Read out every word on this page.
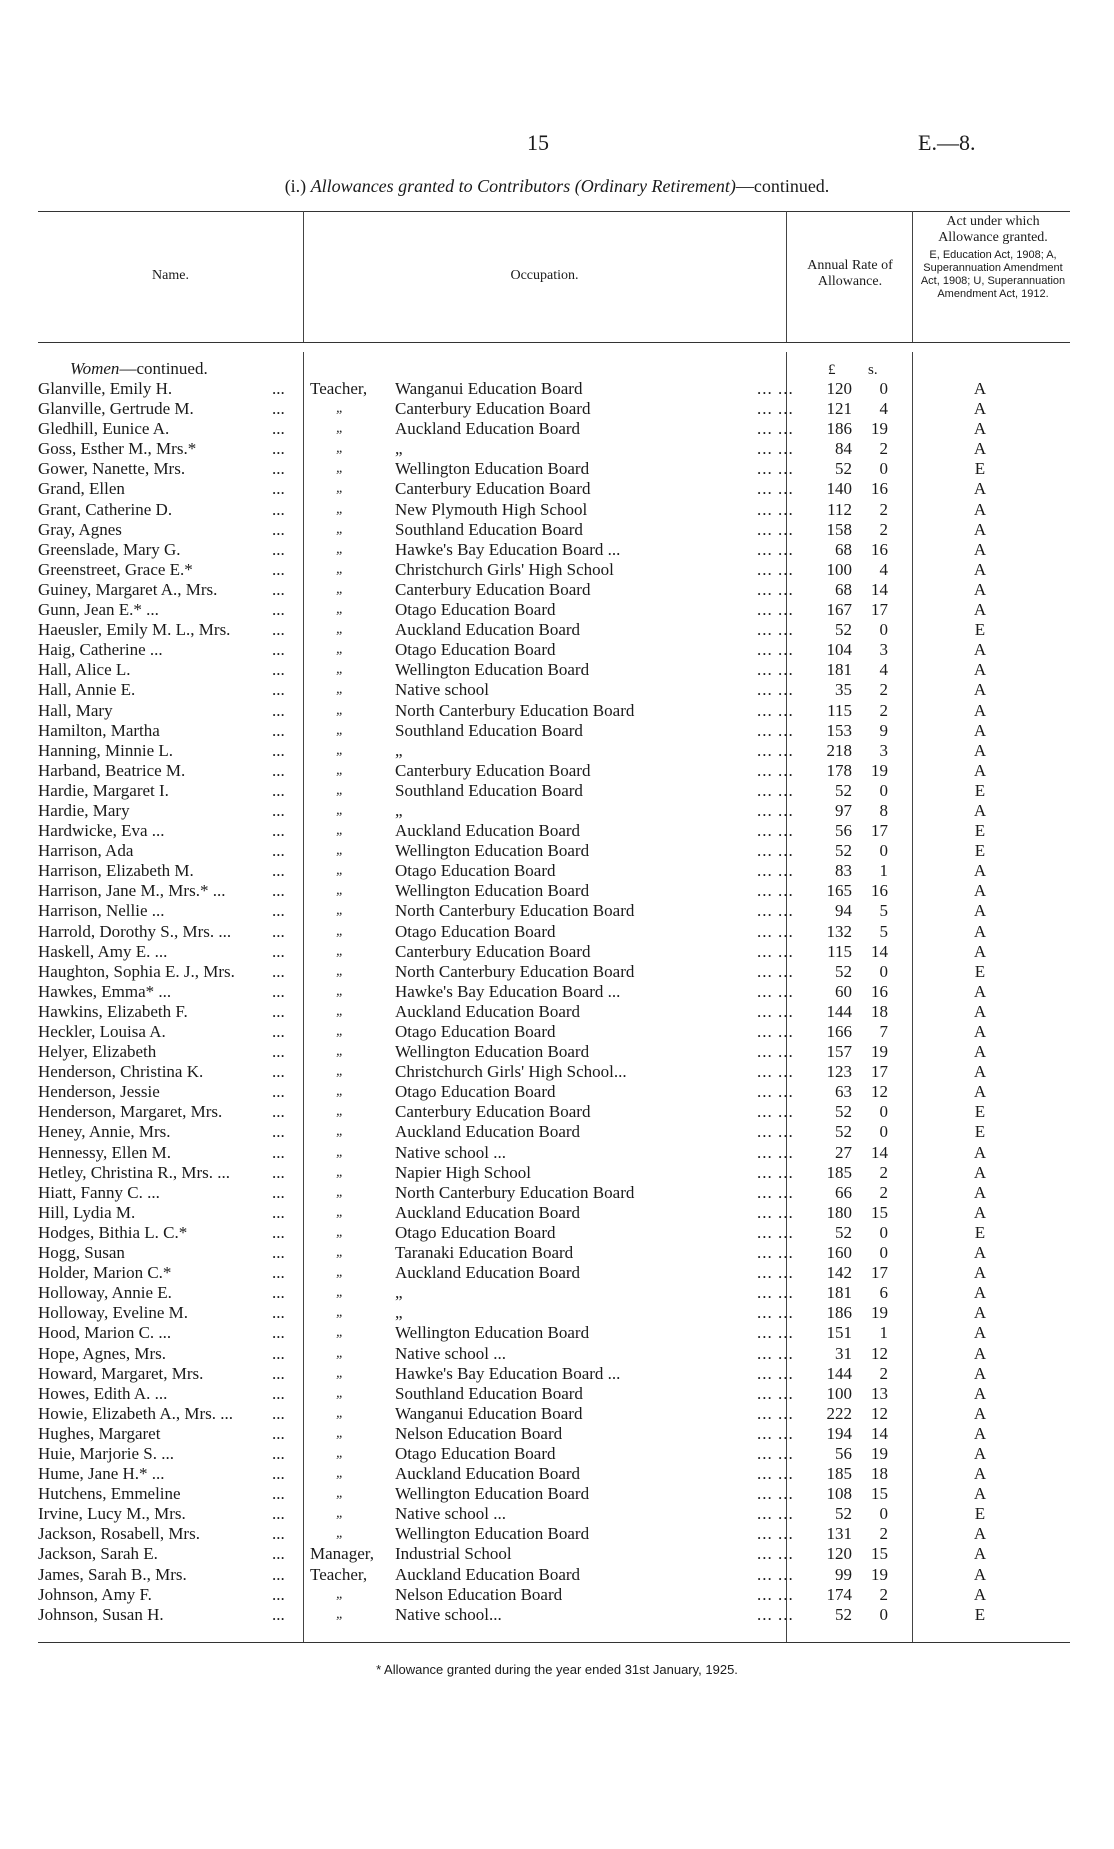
15	E.—8.
(i.) Allowances granted to Contributors (Ordinary Retirement)—continued.
Name.	Occupation.
Annual Rate of Allowance.
Act under which Allowance granted.
E, Education Act, 1908; A, Superannuation Amendment Act, 1908; U, Superannuation Amendment Act, 1912.
Women—continued.	£ s.
Glanville, Emily H.	... Teacher, Wanganui Education Board	... ...	120	0	A
Glanville, Gertrude M.	...	„	Canterbury Education Board	... ...	121	4	A
Gledhill, Eunice A.	...	„	Auckland Education Board	... ...	186	19	A
Goss, Esther M., Mrs.*	...	„	„	... ...	84	2	A
Gower, Nanette, Mrs.	...	„	Wellington Education Board	... ...	52	0	E
Grand, Ellen	...	„	Canterbury Education Board	... ...	140	16	A
Grant, Catherine D.	...	„	New Plymouth High School	... ...	112	2	A
Gray, Agnes	...	„	Southland Education Board	... ...	158	2	A
Greenslade, Mary G.	...	„	Hawke's Bay Education Board ...	... ...	68	16	A
Greenstreet, Grace E.*	...	„	Christchurch Girls' High School	... ...	100	4	A
Guiney, Margaret A., Mrs.	...	„	Canterbury Education Board	... ...	68	14	A
Gunn, Jean E.* ...	...	„	Otago Education Board	... ...	167	17	A
Haeusler, Emily M. L., Mrs. ...	„	Auckland Education Board	... ...	52	0	E
Haig, Catherine ...	...	„	Otago Education Board	... ...	104	3	A
Hall, Alice L.	...	„	Wellington Education Board	... ...	181	4	A
Hall, Annie E.	...	„	Native school	... ...	35	2	A
Hall, Mary	...	„	North Canterbury Education Board	... ...	115	2	A
Hamilton, Martha	...	„	Southland Education Board	... ...	153	9	A
Hanning, Minnie L.	...	„	„	... ...	218	3	A
Harband, Beatrice M.	...	„	Canterbury Education Board	... ...	178	19	A
Hardie, Margaret I.	...	„	Southland Education Board	... ...	52	0	E
Hardie, Mary	...	„	„	... ...	97	8	A
Hardwicke, Eva ...	...	„	Auckland Education Board	... ...	56	17	E
Harrison, Ada	...	„	Wellington Education Board	... ...	52	0	E
Harrison, Elizabeth M.	...	„	Otago Education Board	... ...	83	1	A
Harrison, Jane M., Mrs.* ...	...	„	Wellington Education Board	... ...	165	16	A
Harrison, Nellie ...	...	„	North Canterbury Education Board	... ...	94	5	A
Harrold, Dorothy S., Mrs. ... ...	„	Otago Education Board	... ...	132	5	A
Haskell, Amy E. ...	...	„	Canterbury Education Board	... ...	115	14	A
Haughton, Sophia E. J., Mrs. ...	„	North Canterbury Education Board	... ...	52	0	E
Hawkes, Emma* ...	...	„	Hawke's Bay Education Board ...	... ...	60	16	A
Hawkins, Elizabeth F.	...	„	Auckland Education Board	... ...	144	18	A
Heckler, Louisa A.	...	„	Otago Education Board	... ...	166	7	A
Helyer, Elizabeth	...	„	Wellington Education Board	... ...	157	19	A
Henderson, Christina K.	...	„	Christchurch Girls' High School...	... ...	123	17	A
Henderson, Jessie	...	„	Otago Education Board	... ...	63	12	A
Henderson, Margaret, Mrs.	...	„	Canterbury Education Board	... ...	52	0	E
Heney, Annie, Mrs.	...	„	Auckland Education Board	... ...	52	0	E
Hennessy, Ellen M.	...	„	Native school ...	... ...	27	14	A
Hetley, Christina R., Mrs. ... ...	„	Napier High School	... ...	185	2	A
Hiatt, Fanny C. ...	...	„	North Canterbury Education Board	... ...	66	2	A
Hill, Lydia M.	...	„	Auckland Education Board	... ...	180	15	A
Hodges, Bithia L. C.*	...	„	Otago Education Board	... ...	52	0	E
Hogg, Susan	...	„	Taranaki Education Board	... ...	160	0	A
Holder, Marion C.*	...	„	Auckland Education Board	... ...	142	17	A
Holloway, Annie E.	...	„	„	... ...	181	6	A
Holloway, Eveline M.	...	„	„	... ...	186	19	A
Hood, Marion C. ...	...	„	Wellington Education Board	... ...	151	1	A
Hope, Agnes, Mrs.	...	„	Native school ...	... ...	31	12	A
Howard, Margaret, Mrs.	...	„	Hawke's Bay Education Board ...	... ...	144	2	A
Howes, Edith A. ...	...	„	Southland Education Board	... ...	100	13	A
Howie, Elizabeth A., Mrs. ... ...	„	Wanganui Education Board	... ...	222	12	A
Hughes, Margaret	...	„	Nelson Education Board	... ...	194	14	A
Huie, Marjorie S. ...	...	„	Otago Education Board	... ...	56	19	A
Hume, Jane H.* ...	...	„	Auckland Education Board	... ...	185	18	A
Hutchens, Emmeline	...	„	Wellington Education Board	... ...	108	15	A
Irvine, Lucy M., Mrs.	...	„	Native school ...	... ...	52	0	E
Jackson, Rosabell, Mrs.	...	„	Wellington Education Board	... ...	131	2	A
Jackson, Sarah E.	... Manager, Industrial School	... ...	120	15	A
James, Sarah B., Mrs.	... Teacher, Auckland Education Board	... ...	99	19	A
Johnson, Amy F.	...	„	Nelson Education Board	... ...	174	2	A
Johnson, Susan H.	...	„	Native school...	... ...	52	0	E
* Allowance granted during the year ended 31st January, 1925.
